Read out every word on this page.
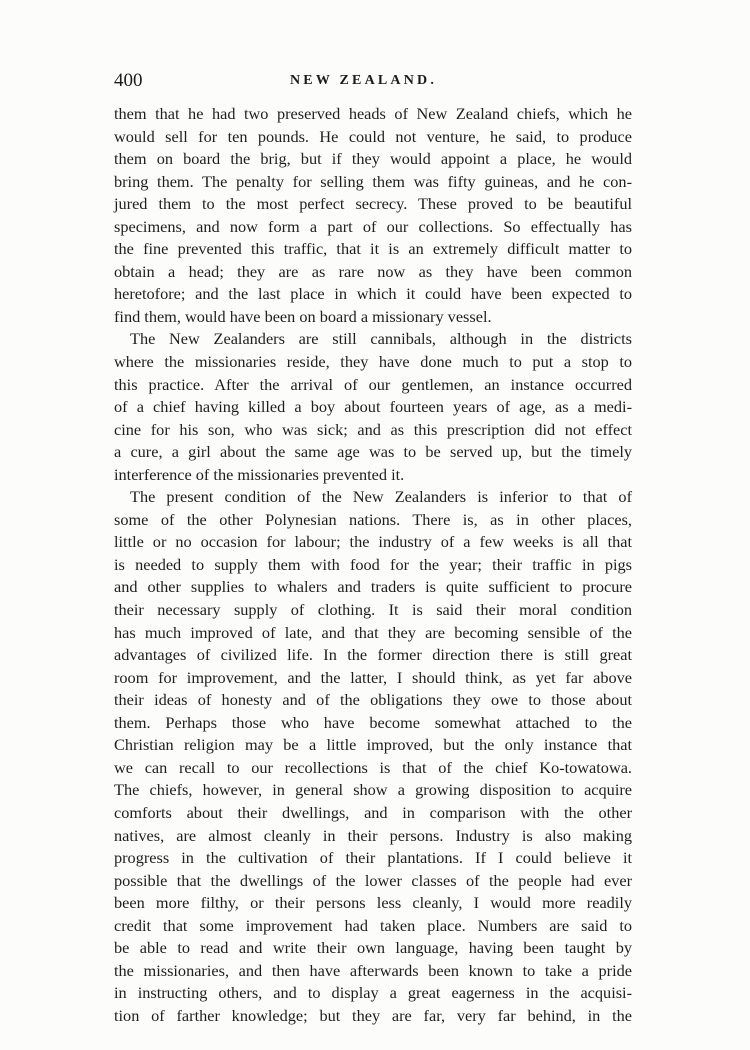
400	NEW ZEALAND.
them that he had two preserved heads of New Zealand chiefs, which he
would sell for ten pounds. He could not venture, he said, to produce
them on board the brig, but if they would appoint a place, he would
bring them. The penalty for selling them was fifty guineas, and he con-
jured them to the most perfect secrecy. These proved to be beautiful
specimens, and now form a part of our collections. So effectually has
the fine prevented this traffic, that it is an extremely difficult matter to
obtain a head; they are as rare now as they have been common
heretofore; and the last place in which it could have been expected to
find them, would have been on board a missionary vessel.
The New Zealanders are still cannibals, although in the districts
where the missionaries reside, they have done much to put a stop to
this practice. After the arrival of our gentlemen, an instance occurred
of a chief having killed a boy about fourteen years of age, as a medi-
cine for his son, who was sick; and as this prescription did not effect
a cure, a girl about the same age was to be served up, but the timely
interference of the missionaries prevented it.
The present condition of the New Zealanders is inferior to that of
some of the other Polynesian nations. There is, as in other places,
little or no occasion for labour; the industry of a few weeks is all that
is needed to supply them with food for the year; their traffic in pigs
and other supplies to whalers and traders is quite sufficient to procure
their necessary supply of clothing. It is said their moral condition
has much improved of late, and that they are becoming sensible of the
advantages of civilized life. In the former direction there is still great
room for improvement, and the latter, I should think, as yet far above
their ideas of honesty and of the obligations they owe to those about
them. Perhaps those who have become somewhat attached to the
Christian religion may be a little improved, but the only instance that
we can recall to our recollections is that of the chief Ko-towatowa.
The chiefs, however, in general show a growing disposition to acquire
comforts about their dwellings, and in comparison with the other
natives, are almost cleanly in their persons. Industry is also making
progress in the cultivation of their plantations. If I could believe it
possible that the dwellings of the lower classes of the people had ever
been more filthy, or their persons less cleanly, I would more readily
credit that some improvement had taken place. Numbers are said to
be able to read and write their own language, having been taught by
the missionaries, and then have afterwards been known to take a pride
in instructing others, and to display a great eagerness in the acquisi-
tion of farther knowledge; but they are far, very far behind, in the
